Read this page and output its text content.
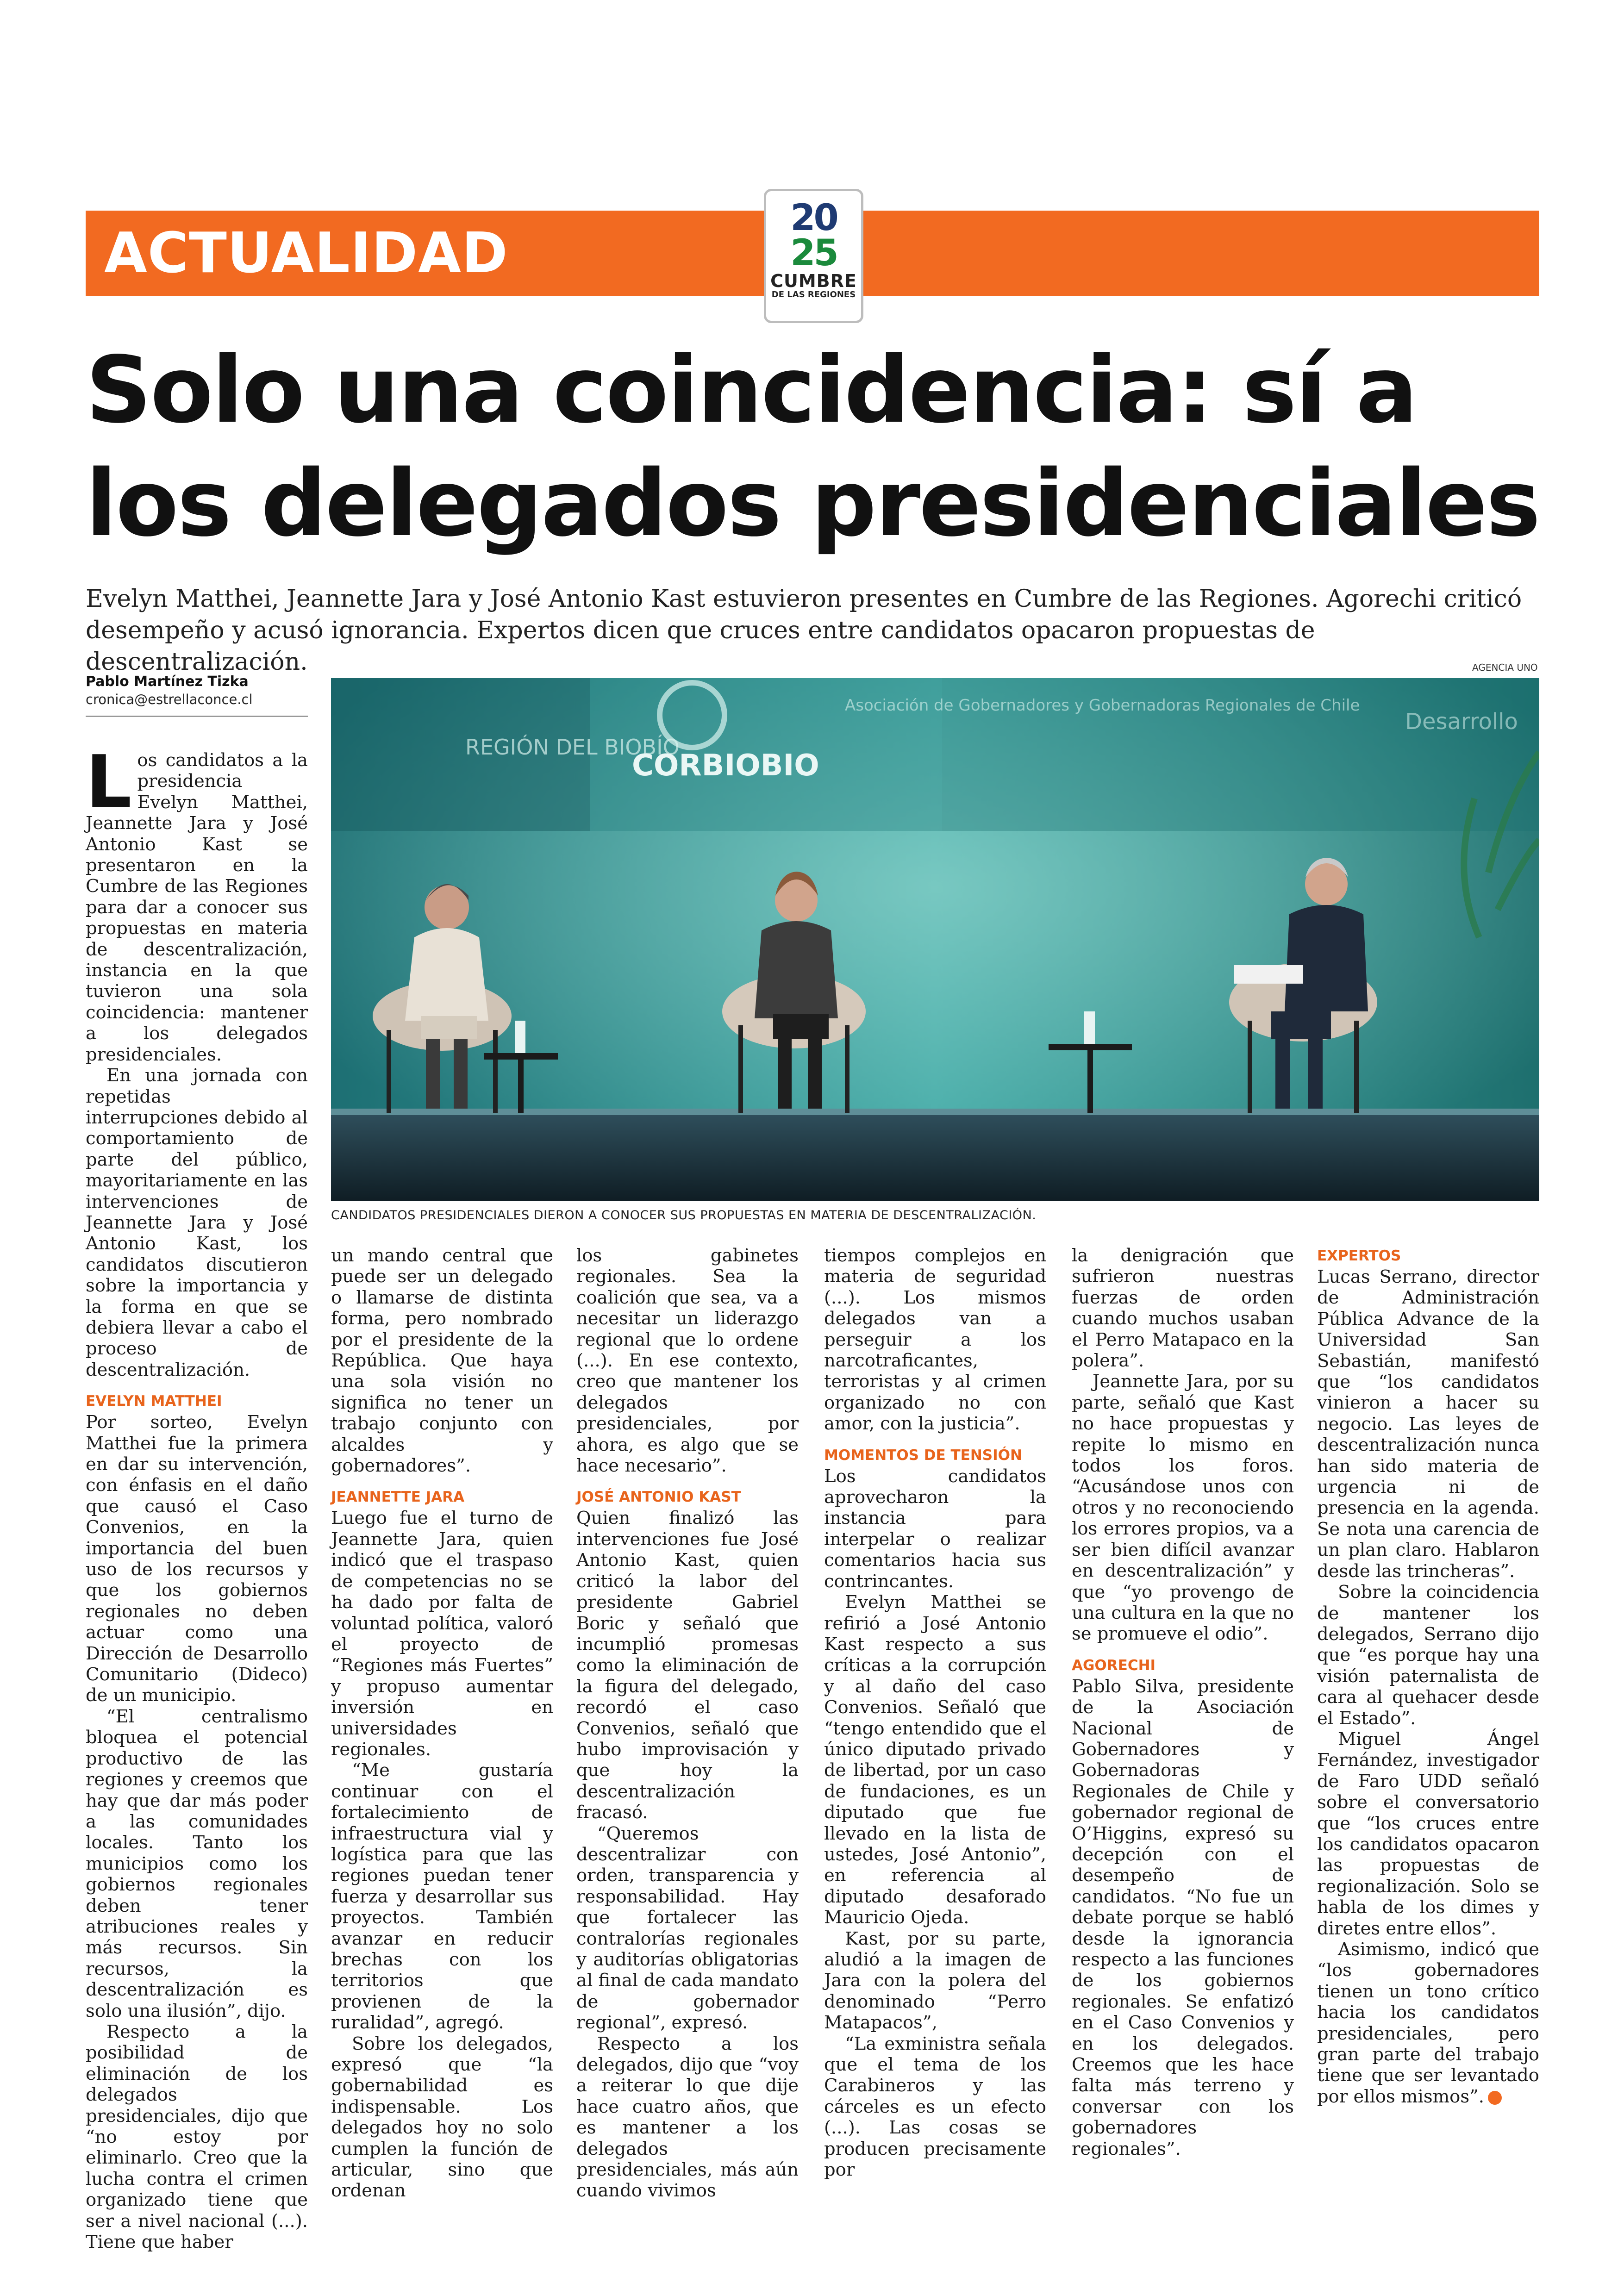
ACTUALIDAD
20
25
CUMBRE
DE LAS REGIONES
Solo una coincidencia: sí a
los delegados presidenciales

Evelyn Matthei, Jeannette Jara y José Antonio Kast estuvieron presentes en Cumbre de las Regiones. Agorechi criticó desempeño y acusó ignorancia. Expertos dicen que cruces entre candidatos opacaron propuestas de descentralización.

Pablo Martínez Tizka
cronica@estrellaconce.cl
AGENCIA UNO
REGIÓN DEL BIOBÍO
CORBIOBIO
Asociación de Gobernadores y Gobernadoras Regionales de Chile
Desarrollo
CANDIDATOS PRESIDENCIALES DIERON A CONOCER SUS PROPUESTAS EN MATERIA DE DESCENTRALIZACIÓN.

Los candidatos a la presidencia Evelyn Matthei, Jeannette Jara y José Antonio Kast se presentaron en la Cumbre de las Regiones para dar a conocer sus propuestas en materia de descentralización, instancia en la que tuvieron una sola coincidencia: mantener a los delegados presidenciales.

En una jornada con repetidas interrupciones debido al comportamiento de parte del público, mayoritariamente en las intervenciones de Jeannette Jara y José Antonio Kast, los candidatos discutieron sobre la importancia y la forma en que se debiera llevar a cabo el proceso de descentralización.

EVELYN MATTHEI

Por sorteo, Evelyn Matthei fue la primera en dar su intervención, con énfasis en el daño que causó el Caso Convenios, en la importancia del buen uso de los recursos y que los gobiernos regionales no deben actuar como una Dirección de Desarrollo Comunitario (Dideco) de un municipio.

“El centralismo bloquea el potencial productivo de las regiones y creemos que hay que dar más poder a las comunidades locales. Tanto los municipios como los gobiernos regionales deben tener atribuciones reales y más recursos. Sin recursos, la descentralización es solo una ilusión”, dijo.

Respecto a la posibilidad de eliminación de los delegados presidenciales, dijo que “no estoy por eliminarlo. Creo que la lucha contra el crimen organizado tiene que ser a nivel nacional (...). Tiene que haber

un mando central que puede ser un delegado o llamarse de distinta forma, pero nombrado por el presidente de la República. Que haya una sola visión no significa no tener un trabajo conjunto con alcaldes y gobernadores”.

JEANNETTE JARA

Luego fue el turno de Jeannette Jara, quien indicó que el traspaso de competencias no se ha dado por falta de voluntad política, valoró el proyecto de “Regiones más Fuertes” y propuso aumentar inversión en universidades regionales.

“Me gustaría continuar con el fortalecimiento de infraestructura vial y logística para que las regiones puedan tener fuerza y desarrollar sus proyectos. También avanzar en reducir brechas con los territorios que provienen de la ruralidad”, agregó.

Sobre los delegados, expresó que “la gobernabilidad es indispensable. Los delegados hoy no solo cumplen la función de articular, sino que ordenan

los gabinetes regionales. Sea la coalición que sea, va a necesitar un liderazgo regional que lo ordene (...). En ese contexto, creo que mantener los delegados presidenciales, por ahora, es algo que se hace necesario”.

JOSÉ ANTONIO KAST

Quien finalizó las intervenciones fue José Antonio Kast, quien criticó la labor del presidente Gabriel Boric y señaló que incumplió promesas como la eliminación de la figura del delegado, recordó el caso Convenios, señaló que hubo improvisación y que hoy la descentralización fracasó.

“Queremos descentralizar con orden, transparencia y responsabilidad. Hay que fortalecer las contralorías regionales y auditorías obligatorias al final de cada mandato de gobernador regional”, expresó.

Respecto a los delegados, dijo que “voy a reiterar lo que dije hace cuatro años, que es mantener a los delegados presidenciales, más aún cuando vivimos

tiempos complejos en materia de seguridad (...). Los mismos delegados van a perseguir a los narcotraficantes, terroristas y al crimen organizado no con amor, con la justicia”.

MOMENTOS DE TENSIÓN

Los candidatos aprovecharon la instancia para interpelar o realizar comentarios hacia sus contrincantes.

Evelyn Matthei se refirió a José Antonio Kast respecto a sus críticas a la corrupción y al daño del caso Convenios. Señaló que “tengo entendido que el único diputado privado de libertad, por un caso de fundaciones, es un diputado que fue llevado en la lista de ustedes, José Antonio”, en referencia al diputado desaforado Mauricio Ojeda.

Kast, por su parte, aludió a la imagen de Jara con la polera del denominado “Perro Matapacos”,

“La exministra señala que el tema de los Carabineros y las cárceles es un efecto (...). Las cosas se producen precisamente por

la denigración que sufrieron nuestras fuerzas de orden cuando muchos usaban el Perro Matapaco en la polera”.

Jeannette Jara, por su parte, señaló que Kast no hace propuestas y repite lo mismo en todos los foros. “Acusándose unos con otros y no reconociendo los errores propios, va a ser bien difícil avanzar en descentralización” y que “yo provengo de una cultura en la que no se promueve el odio”.

AGORECHI

Pablo Silva, presidente de la Asociación Nacional de Gobernadores y Gobernadoras Regionales de Chile y gobernador regional de O’Higgins, expresó su decepción con el desempeño de candidatos. “No fue un debate porque se habló desde la ignorancia respecto a las funciones de los gobiernos regionales. Se enfatizó en el Caso Convenios y en los delegados. Creemos que les hace falta más terreno y conversar con los gobernadores regionales”.

EXPERTOS

Lucas Serrano, director de Administración Pública Advance de la Universidad San Sebastián, manifestó que “los candidatos vinieron a hacer su negocio. Las leyes de descentralización nunca han sido materia de urgencia ni de presencia en la agenda. Se nota una carencia de un plan claro. Hablaron desde las trincheras”.

Sobre la coincidencia de mantener los delegados, Serrano dijo que “es porque hay una visión paternalista de cara al quehacer desde el Estado”.

Miguel Ángel Fernández, investigador de Faro UDD señaló sobre el conversatorio que “los cruces entre los candidatos opacaron las propuestas de regionalización. Solo se habla de los dimes y diretes entre ellos”.

Asimismo, indicó que “los gobernadores tienen un tono crítico hacia los candidatos presidenciales, pero gran parte del trabajo tiene que ser levantado por ellos mismos”.
